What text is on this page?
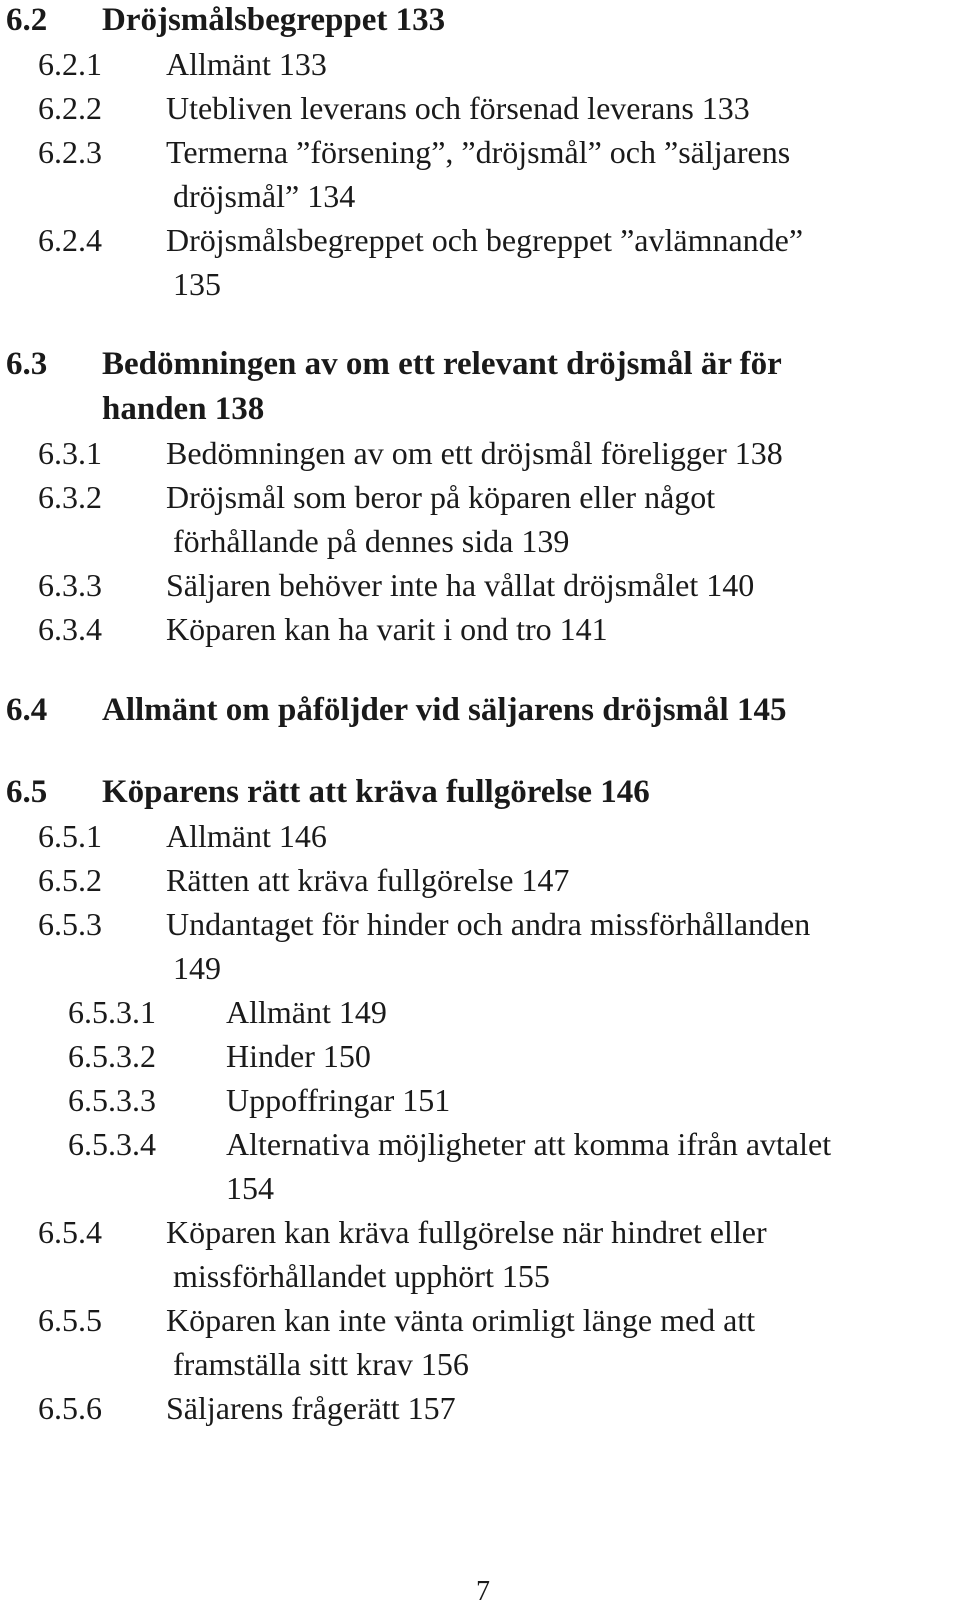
6.2 Dröjsmålsbegreppet 133
6.2.1 Allmänt 133
6.2.2 Utebliven leverans och försenad leverans 133
6.2.3 Termerna ”försening”, ”dröjsmål” och ”säljarens
dröjsmål” 134
6.2.4 Dröjsmålsbegreppet och begreppet ”avlämnande”
135
6.3 Bedömningen av om ett relevant dröjsmål är för
handen 138
6.3.1 Bedömningen av om ett dröjsmål föreligger 138
6.3.2 Dröjsmål som beror på köparen eller något
förhållande på dennes sida 139
6.3.3 Säljaren behöver inte ha vållat dröjsmålet 140
6.3.4 Köparen kan ha varit i ond tro 141
6.4 Allmänt om påföljder vid säljarens dröjsmål 145
6.5 Köparens rätt att kräva fullgörelse 146
6.5.1 Allmänt 146
6.5.2 Rätten att kräva fullgörelse 147
6.5.3 Undantaget för hinder och andra missförhållanden
149
6.5.3.1 Allmänt 149
6.5.3.2 Hinder 150
6.5.3.3 Uppoffringar 151
6.5.3.4 Alternativa möjligheter att komma ifrån avtalet
154
6.5.4 Köparen kan kräva fullgörelse när hindret eller
missförhållandet upphört 155
6.5.5 Köparen kan inte vänta orimligt länge med att
framställa sitt krav 156
6.5.6 Säljarens frågerätt 157
7
